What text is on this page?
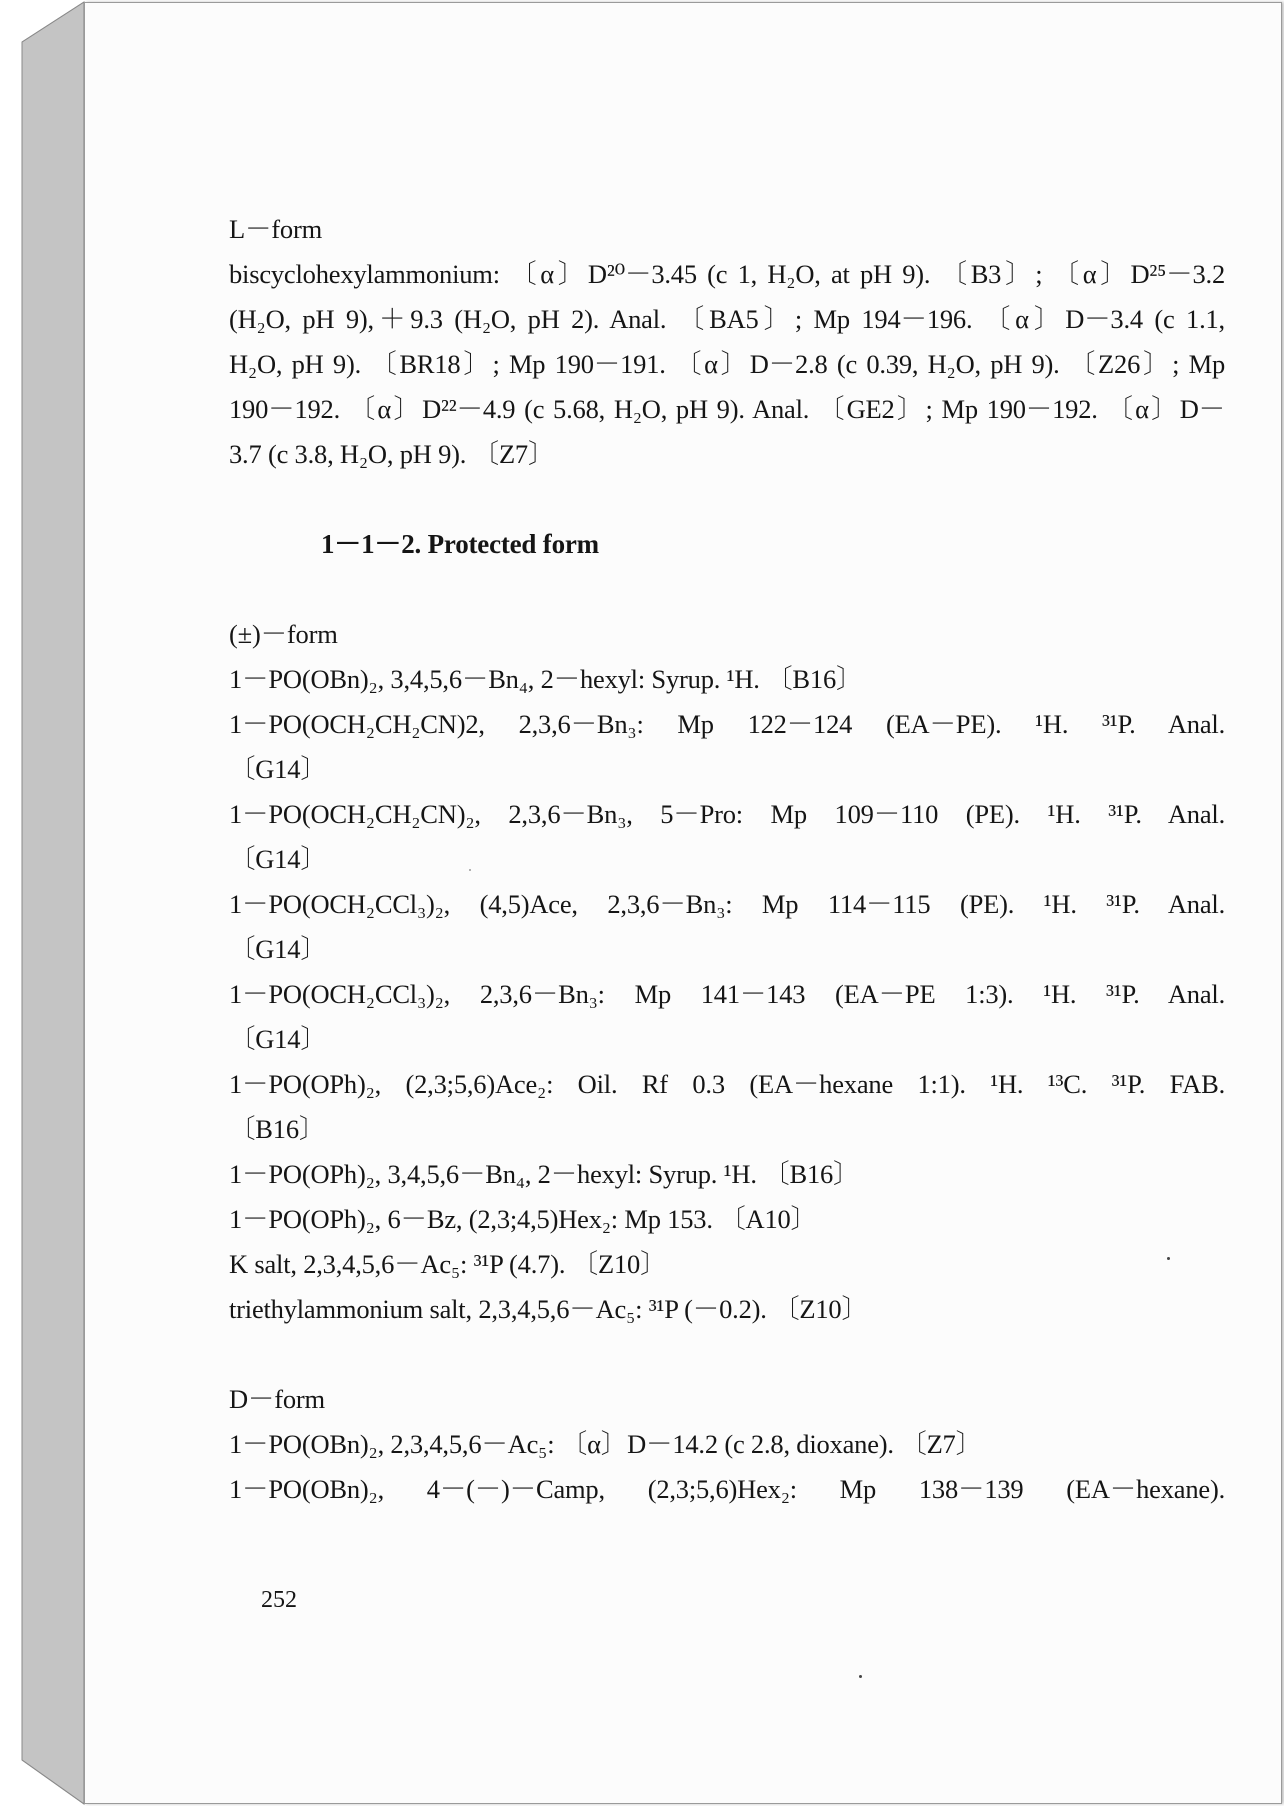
L－form
biscyclohexylammonium: 〔α〕D²⁰－3.45 (c 1, H₂O, at pH 9). 〔B3〕; 〔α〕D²⁵－3.2
(H₂O, pH 9),＋9.3 (H₂O, pH 2). Anal. 〔BA5〕; Mp 194－196. 〔α〕D－3.4 (c 1.1,
H₂O, pH 9). 〔BR18〕; Mp 190－191. 〔α〕D－2.8 (c 0.39, H₂O, pH 9). 〔Z26〕; Mp
190－192. 〔α〕D²²－4.9 (c 5.68, H₂O, pH 9). Anal. 〔GE2〕; Mp 190－192. 〔α〕D－
3.7 (c 3.8, H₂O, pH 9). 〔Z7〕
1－1－2. Protected form
(±)－form
1－PO(OBn)₂, 3,4,5,6－Bn₄, 2－hexyl: Syrup. ¹H. 〔B16〕
1－PO(OCH₂CH₂CN)2, 2,3,6－Bn₃: Mp 122－124 (EA－PE). ¹H. ³¹P. Anal.
〔G14〕
1－PO(OCH₂CH₂CN)₂, 2,3,6－Bn₃, 5－Pro: Mp 109－110 (PE). ¹H. ³¹P. Anal.
〔G14〕
1－PO(OCH₂CCl₃)₂, (4,5)Ace, 2,3,6－Bn₃: Mp 114－115 (PE). ¹H. ³¹P. Anal.
〔G14〕
1－PO(OCH₂CCl₃)₂, 2,3,6－Bn₃: Mp 141－143 (EA－PE 1:3). ¹H. ³¹P. Anal.
〔G14〕
1－PO(OPh)₂, (2,3;5,6)Ace₂: Oil. Rf 0.3 (EA－hexane 1:1). ¹H. ¹³C. ³¹P. FAB.
〔B16〕
1－PO(OPh)₂, 3,4,5,6－Bn₄, 2－hexyl: Syrup. ¹H. 〔B16〕
1－PO(OPh)₂, 6－Bz, (2,3;4,5)Hex₂: Mp 153. 〔A10〕
K salt, 2,3,4,5,6－Ac₅: ³¹P (4.7). 〔Z10〕
triethylammonium salt, 2,3,4,5,6－Ac₅: ³¹P (－0.2). 〔Z10〕
D－form
1－PO(OBn)₂, 2,3,4,5,6－Ac₅: 〔α〕D－14.2 (c 2.8, dioxane). 〔Z7〕
1－PO(OBn)₂, 4－(－)－Camp, (2,3;5,6)Hex₂: Mp 138－139 (EA－hexane).
252
